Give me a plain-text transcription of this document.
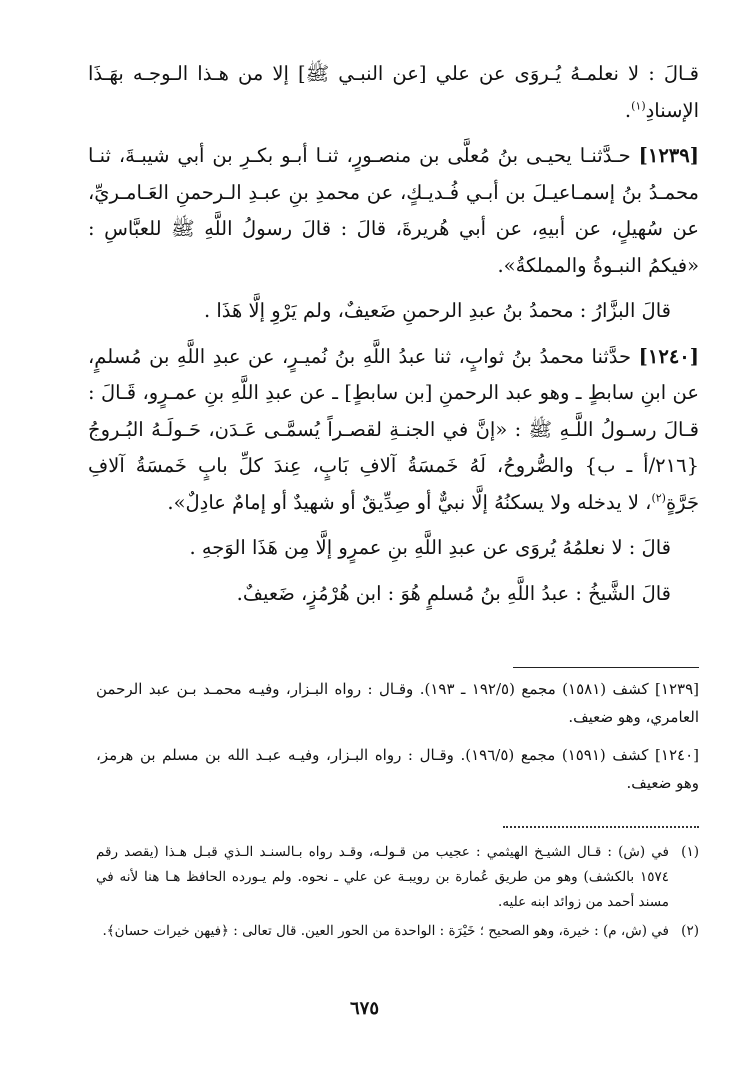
قـالَ : لا نعلمـهُ يُـروَى عن علي [عن النبـي ﷺ] إلا من هـذا الـوجـه بهَـذَا الإسنادِ$^{(١)}$.

[١٢٣٩] حـدَّثنـا يحيـى بنُ مُعلَّى بن منصـورٍ، ثنـا أبـو بكـرِ بن أبي شيبـةَ، ثنـا محمـدُ بنُ إسمـاعيـلَ بن أبـي فُـديـكٍ، عن محمدِ بنِ عبـدِ الـرحمنِ العَـامـريِّ، عن سُهيلٍ، عن أبيهِ، عن أبي هُريرةَ، قالَ : قالَ رسولُ اللَّهِ ﷺ للعبَّاسِ : «فيكمُ النبـوةُ والمملكةُ».

قالَ البزَّارُ : محمدُ بنُ عبدِ الرحمنِ ضَعيفٌ، ولم يَرْوِ إلَّا هَذَا .

[١٢٤٠] حدَّثنا محمدُ بنُ ثوابٍ، ثنا عبدُ اللَّهِ بنُ نُميـرٍ، عن عبدِ اللَّهِ بن مُسلمٍ، عن ابنِ سابطٍ ـ وهو عبد الرحمنِ [بن سابطٍ] ـ عن عبدِ اللَّهِ بنِ عمـرٍو، قَـالَ : قـالَ رسـولُ اللَّـهِ ﷺ : «إنَّ في الجنـةِ لقصـراً يُسمَّـى عَـدَن، حَـولَـهُ البُـروجُ {٢١٦/أ ـ ب} والصُّروحُ، لَهُ خَمسَةُ آلافِ بَابٍ، عِندَ كلِّ بابٍ خَمسَةُ آلافِ جَرَّةٍ$^{(٢)}$، لا يدخله ولا يسكنُهُ إلَّا نبيٌّ أو صِدِّيقٌ أو شهيدٌ أو إمامٌ عادِلٌ».

قالَ : لا نعلمُهُ يُروَى عن عبدِ اللَّهِ بنِ عمرٍو إلَّا مِن هَذَا الوَجهِ .

قالَ الشَّيخُ : عبدُ اللَّهِ بنُ مُسلمٍ هُوَ : ابن هُرْمُزٍ، ضَعيفٌ.

[١٢٣٩] كشف (١٥٨١) مجمع (١٩٢/٥ ـ ١٩٣). وقـال : رواه البـزار، وفيـه محمـد بـن عبد الرحمن العامري، وهو ضعيف.

[١٢٤٠] كشف (١٥٩١) مجمع (١٩٦/٥). وقـال : رواه البـزار، وفيـه عبـد الله بن مسلم بن هرمز، وهو ضعيف.

(١)
في (ش) : قـال الشيـخ الهيثمي : عجيب من قـولـه، وقـد رواه بـالسنـد الـذي قبـل هـذا (يقصد رقم ١٥٧٤ بالكشف) وهو من طريق عُمارة بن رويبـة عن علي ـ نحوه. ولم يـورده الحافظ هـا هنا لأنه في مسند أحمد من زوائد ابنه عليه.

(٢)
في (ش، م) : خيرة، وهو الصحيح ؛ خَيْرَة : الواحدة من الحور العين. قال تعالى : ﴿فيهن خيرات حسان﴾.

٦٧٥
